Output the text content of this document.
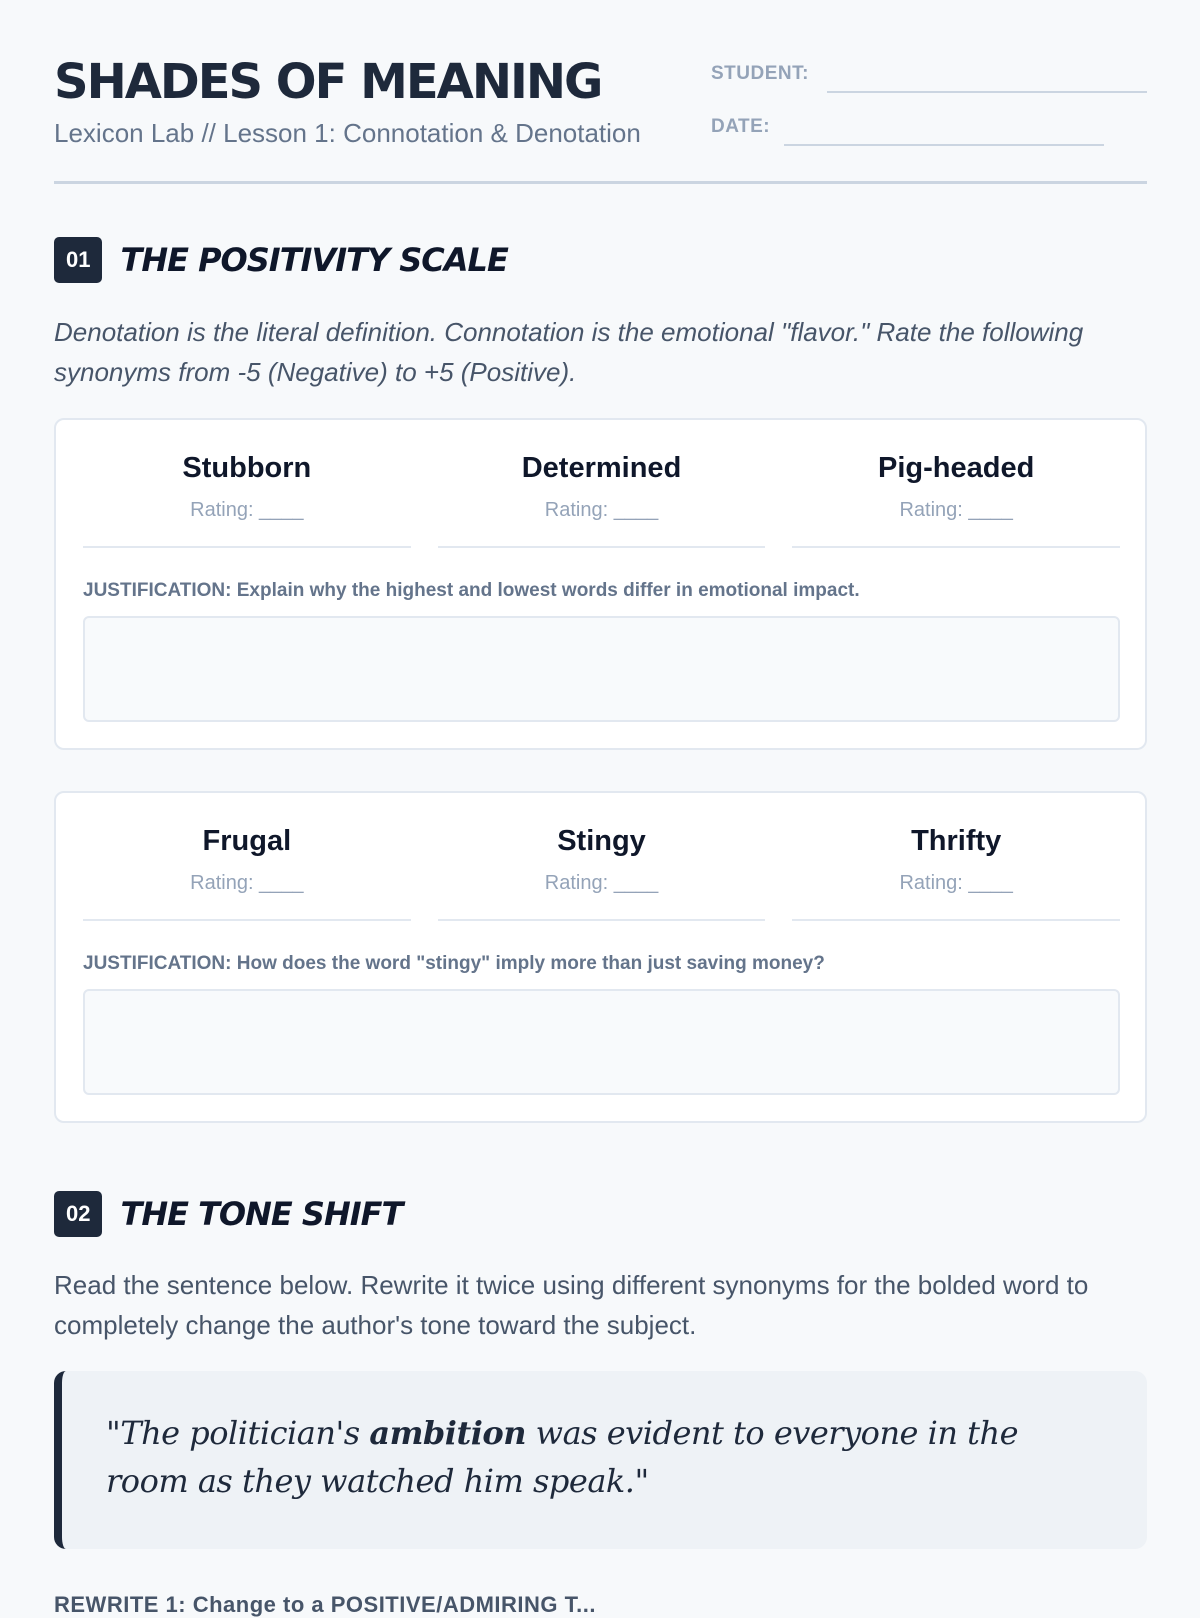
SHADES OF MEANING
Lexicon Lab // Lesson 1: Connotation & Denotation
STUDENT:
DATE:
01 THE POSITIVITY SCALE
Denotation is the literal definition. Connotation is the emotional "flavor." Rate the following synonyms from -5 (Negative) to +5 (Positive).
Stubborn
Rating: ____
Determined
Rating: ____
Pig-headed
Rating: ____
JUSTIFICATION: Explain why the highest and lowest words differ in emotional impact.
Frugal
Rating: ____
Stingy
Rating: ____
Thrifty
Rating: ____
JUSTIFICATION: How does the word "stingy" imply more than just saving money?
02 THE TONE SHIFT
Read the sentence below. Rewrite it twice using different synonyms for the bolded word to completely change the author's tone toward the subject.
"The politician's ambition was evident to everyone in the room as they watched him speak."
REWRITE 1: Change to a POSITIVE/ADMIRING T...
